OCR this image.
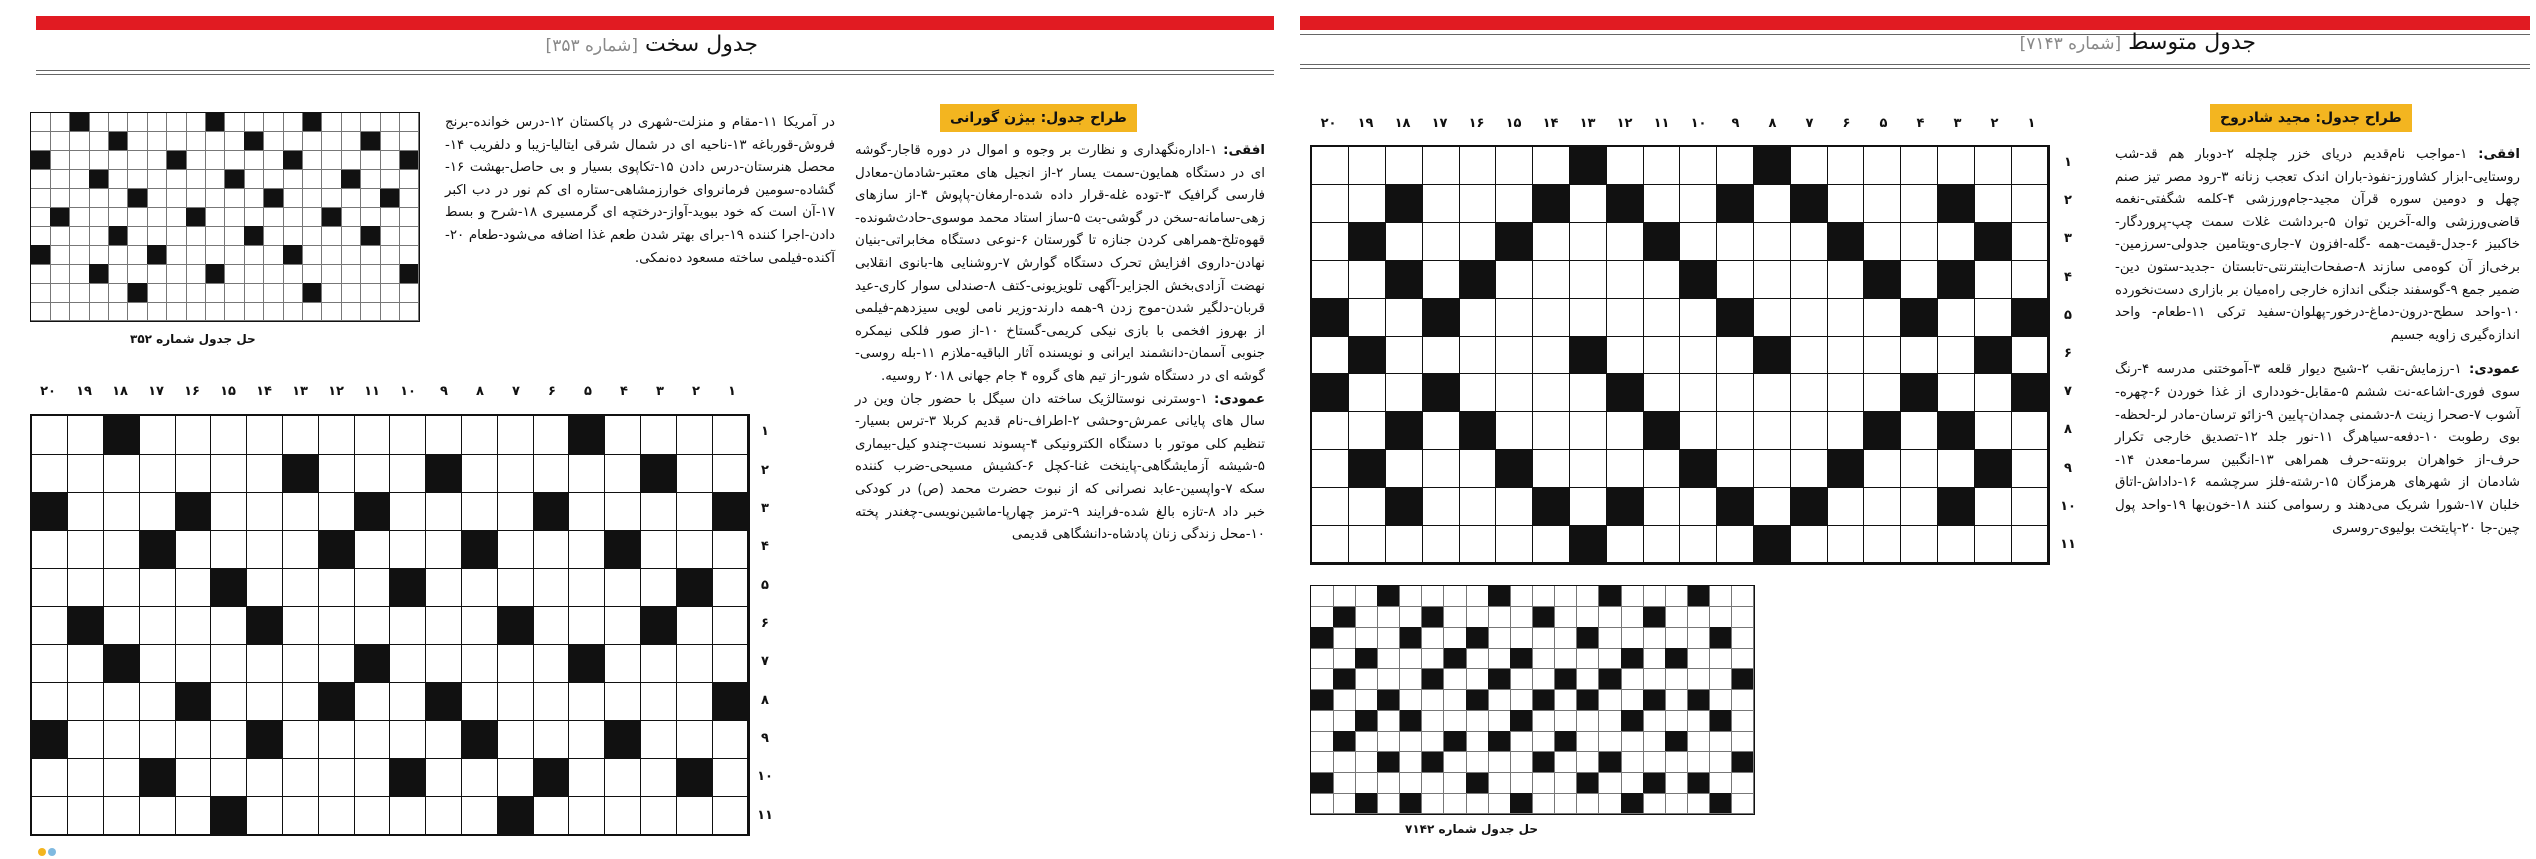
جدول سخت [شماره ۳۵۳]
طراح جدول: بیژن گورانی

افقی: ۱-اداره‌نگهداری و نظارت بر وجوه و اموال در دوره قاجار-گوشه ای در دستگاه همایون-سمت یسار ۲-از انجیل های معتبر-شادمان-معادل فارسی گرافیک ۳-توده غله-قرار داده شده-ارمغان-پاپوش ۴-از سازهای زهی-سامانه-سخن در گوشی-بت ۵-ساز استاد محمد موسوی-حادث‌شونده-قهوه‌تلخ-همراهی کردن جنازه تا گورستان ۶-نوعی دستگاه مخابراتی-بنیان نهادن-داروی افزایش تحرک دستگاه گوارش ۷-روشنایی ها-بانوی انقلابی نهضت آزادی‌بخش الجزایر-آگهی تلویزیونی-کتف ۸-صندلی سوار کاری-عید قربان-دلگیر شدن-موج زدن ۹-همه دارند-وزیر نامی لویی سیزدهم-فیلمی از بهروز افخمی با بازی نیکی کریمی-گستاخ ۱۰-از صور فلکی نیمکره جنوبی آسمان-دانشمند ایرانی و نویسنده آثار الباقیه-ملازم ۱۱-بله روسی-گوشه ای در دستگاه شور-از تیم های گروه ۴ جام جهانی ۲۰۱۸ روسیه.

عمودی: ۱-وسترنی نوستالژیک ساخته دان سیگل با حضور جان وین در سال های پایانی عمرش-وحشی ۲-اطراف-نام قدیم کربلا ۳-ترس بسیار-تنظیم کلی موتور با دستگاه الکترونیکی ۴-پسوند نسبت-چندو کیل-بیماری ۵-شیشه آزمایشگاهی-پاینخت غنا-کچل ۶-کشیش مسیحی-ضرب کننده سکه ۷-واپسین-عابد نصرانی که از نبوت حضرت محمد (ص) در کودکی خبر داد ۸-تازه بالغ شده-فرایند ۹-ترمز چهارپا-ماشین‌نویسی-چغندر پخته ۱۰-محل زندگی زنان پادشاه-دانشگاهی قدیمی

در آمریکا ۱۱-مقام و منزلت-شهری در پاکستان ۱۲-درس خوانده-برنج فروش-قورباغه ۱۳-ناحیه ای در شمال شرقی ایتالیا-زیبا و دلفریب ۱۴-محصل هنرستان-درس دادن ۱۵-تکاپوی بسیار و بی حاصل-بهشت ۱۶-گشاده-سومین فرمانروای خوارزمشاهی-ستاره ای کم نور در دب اکبر ۱۷-آن است که خود ببوید-آواز-درختچه ای گرمسیری ۱۸-شرح و بسط دادن-اجرا کننده ۱۹-برای بهتر شدن طعم غذا اضافه می‌شود-طعام ۲۰-آکنده-فیلمی ساخته مسعود ده‌نمکی.

حل جدول شماره ۳۵۲
۲۰	۱۹	۱۸	۱۷	۱۶	۱۵	۱۴	۱۳	۱۲	۱۱	۱۰	۹	۸	۷	۶	۵	۴	۳	۲	۱
۱
۲
۳
۴
۵
۶
۷
۸
۹
۱۰
۱۱
جدول متوسط [شماره ۷۱۴۳]
طراح جدول: مجید شادروح

افقی: ۱-مواجب نام‌قدیم دریای خزر چلچله ۲-دوبار هم قد-شب روستایی-ابزار کشاورز-نفوذ-باران اندک تعجب زنانه ۳-رود مصر تیز صنم چهل و دومین سوره قرآن مجید-جام‌ورزشی ۴-کلمه شگفتی-نغمه قاضی‌ورزشی واله-آخرین توان ۵-برداشت غلات سمت چپ-پروردگار-خاکبیز ۶-جدل-قیمت-همه -گله-افزون ۷-جاری-ویتامین جدولی-سرزمین-برخی‌از آن کوه‌می سازند ۸-صفحات‌اینترنتی-تابستان -جدید-ستون دین-ضمیر جمع ۹-گوسفند جنگی اندازه خارجی راه‌میان بر بازاری دست‌نخورده ۱۰-واحد سطح-درون-دماغ-درخور-پهلوان-سفید ترکی ۱۱-طعام- واحد اندازه‌گیری زاویه جسیم

عمودی: ۱-رزمایش-نقب ۲-شیح دیوار قلعه ۳-آموختنی مدرسه ۴-رنگ سوی فوری-اشاعه-نت ششم ۵-مقابل-خودداری از غذا خوردن ۶-چهره-آشوب ۷-صحرا زینت ۸-دشمنی چمدان-پایین ۹-زائو ترسان-مادر لر-لحظه-بوی رطوبت ۱۰-دفعه-سیاهرگ ۱۱-نور جلد ۱۲-تصدیق خارجی تکرار حرف-از خواهران برونته-حرف همراهی ۱۳-انگبین سرما-معدن ۱۴-شادمان از شهرهای هرمزگان ۱۵-رشته-فلز سرچشمه ۱۶-داداش-اتاق خلبان ۱۷-شورا شریک می‌دهند و رسوامی کنند ۱۸-خون‌بها ۱۹-واحد پول چین-جا ۲۰-پایتخت بولیوی-روسری

۲۰	۱۹	۱۸	۱۷	۱۶	۱۵	۱۴	۱۳	۱۲	۱۱	۱۰	۹	۸	۷	۶	۵	۴	۳	۲	۱
۱
۲
۳
۴
۵
۶
۷
۸
۹
۱۰
۱۱
حل جدول شماره ۷۱۴۲
